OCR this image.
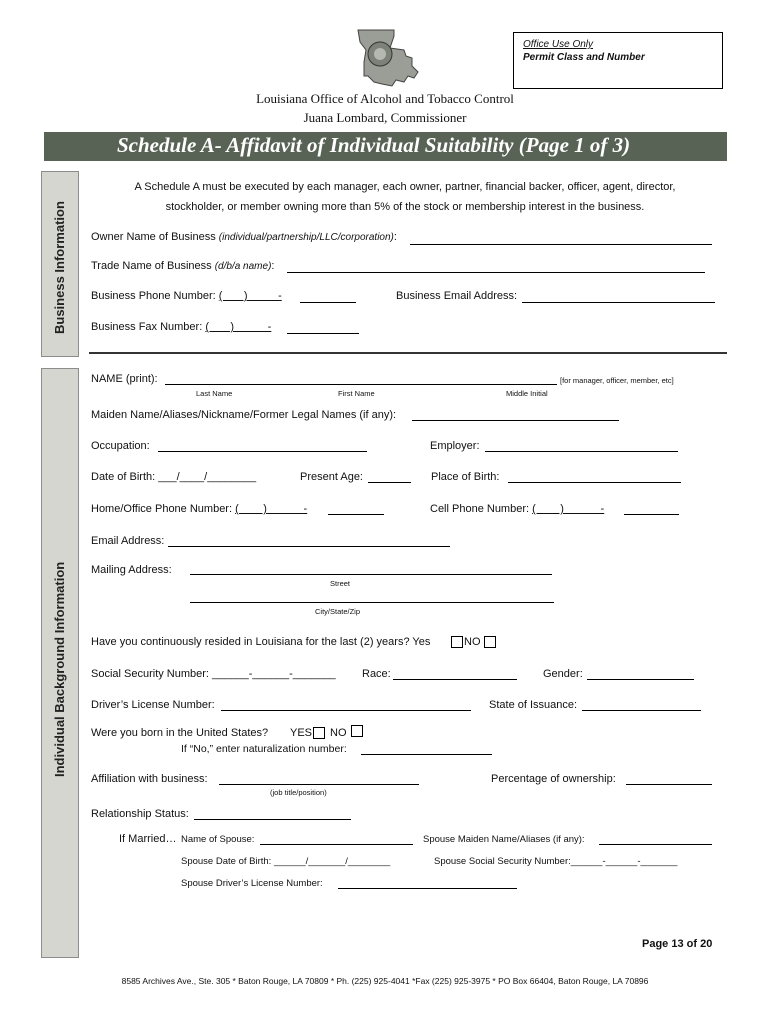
Office Use Only
Permit Class and Number
Louisiana Office of Alcohol and Tobacco Control
Juana Lombard, Commissioner
Schedule A- Affidavit of Individual Suitability (Page 1 of 3)
Business Information
A Schedule A must be executed by each manager, each owner, partner, financial backer, officer, agent, director,
stockholder, or member owning more than 5% of the stock or membership interest in the business.
Owner Name of Business (individual/partnership/LLC/corporation):
Trade Name of Business (d/b/a name):
Business Phone Number: (       )          -	Business Email Address:
Business Fax Number: (       )           -
Individual Background Information
NAME (print):	[for manager, officer, member, etc]
Last Name	First Name	Middle Initial
Maiden Name/Aliases/Nickname/Former Legal Names (if any):
Occupation:	Employer:
Date of Birth: ___/____/________	Present Age:	Place of Birth:
Home/Office Phone Number: (        )            -	Cell Phone Number: (        )            -
Email Address:
Mailing Address:
Street
City/State/Zip
Have you continuously resided in Louisiana for the last (2) years? Yes	NO
Social Security Number: ______-______-_______ Race:	Gender:
Driver’s License Number:	State of Issuance:
Were you born in the United States? YES NO
If “No,” enter naturalization number:
Affiliation with business:
(job title/position)
Percentage of ownership:
Relationship Status:
If Married… Name of Spouse:	Spouse Maiden Name/Aliases (if any):
Spouse Date of Birth: ______/_______/________	Spouse Social Security Number:______-______-_______
Spouse Driver’s License Number:
Page 13 of 20
8585 Archives Ave., Ste. 305 * Baton Rouge, LA 70809 * Ph. (225) 925-4041 *Fax (225) 925-3975 * PO Box 66404, Baton Rouge, LA 70896
